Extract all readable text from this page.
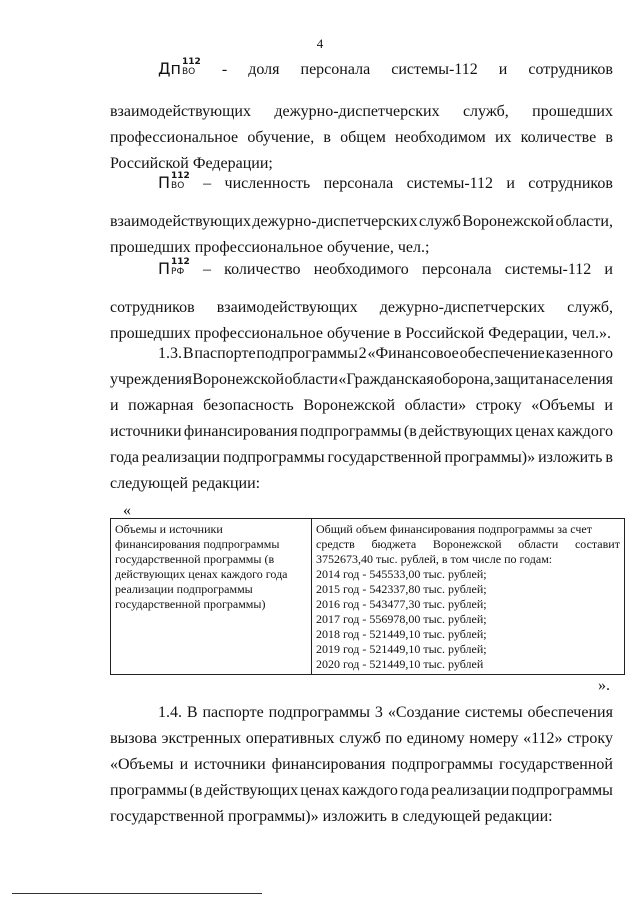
4
Дп 112
ВО	- доля персонала системы-112 и сотрудников
взаимодействующих дежурно-диспетчерских служб, прошедших
профессиональное обучение, в общем необходимом их количестве в
Российской Федерации;
П 112
ВО	– численность персонала системы-112 и сотрудников
взаимодействующих дежурно-диспетчерских служб Воронежской области,
прошедших профессиональное обучение, чел.;
П 112
РФ	– количество необходимого персонала системы-112 и
сотрудников взаимодействующих дежурно-диспетчерских служб,
прошедших профессиональное обучение в Российской Федерации, чел.».
1.3. В паспорте подпрограммы 2 «Финансовое обеспечение казенного
учреждения Воронежской области «Гражданская оборона, защита населения
и пожарная безопасность Воронежской области» строку «Объемы и
источники финансирования подпрограммы (в действующих ценах каждого
года реализации подпрограммы государственной программы)» изложить в
следующей редакции:
«
Объемы и источники
финансирования подпрограммы
государственной программы (в
действующих ценах каждого года
реализации подпрограммы
государственной программы)

Общий объем финансирования подпрограммы за счет
средств бюджета Воронежской области составит
3752673,40 тыс. рублей, в том числе по годам:
2014 год - 545533,00 тыс. рублей;
2015 год - 542337,80 тыс. рублей;
2016 год - 543477,30 тыс. рублей;
2017 год - 556978,00 тыс. рублей;
2018 год - 521449,10 тыс. рублей;
2019 год - 521449,10 тыс. рублей;
2020 год - 521449,10 тыс. рублей
».
1.4. В паспорте подпрограммы 3 «Создание системы обеспечения
вызова экстренных оперативных служб по единому номеру «112» строку
«Объемы и источники финансирования подпрограммы государственной
программы (в действующих ценах каждого года реализации подпрограммы
государственной программы)» изложить в следующей редакции:
